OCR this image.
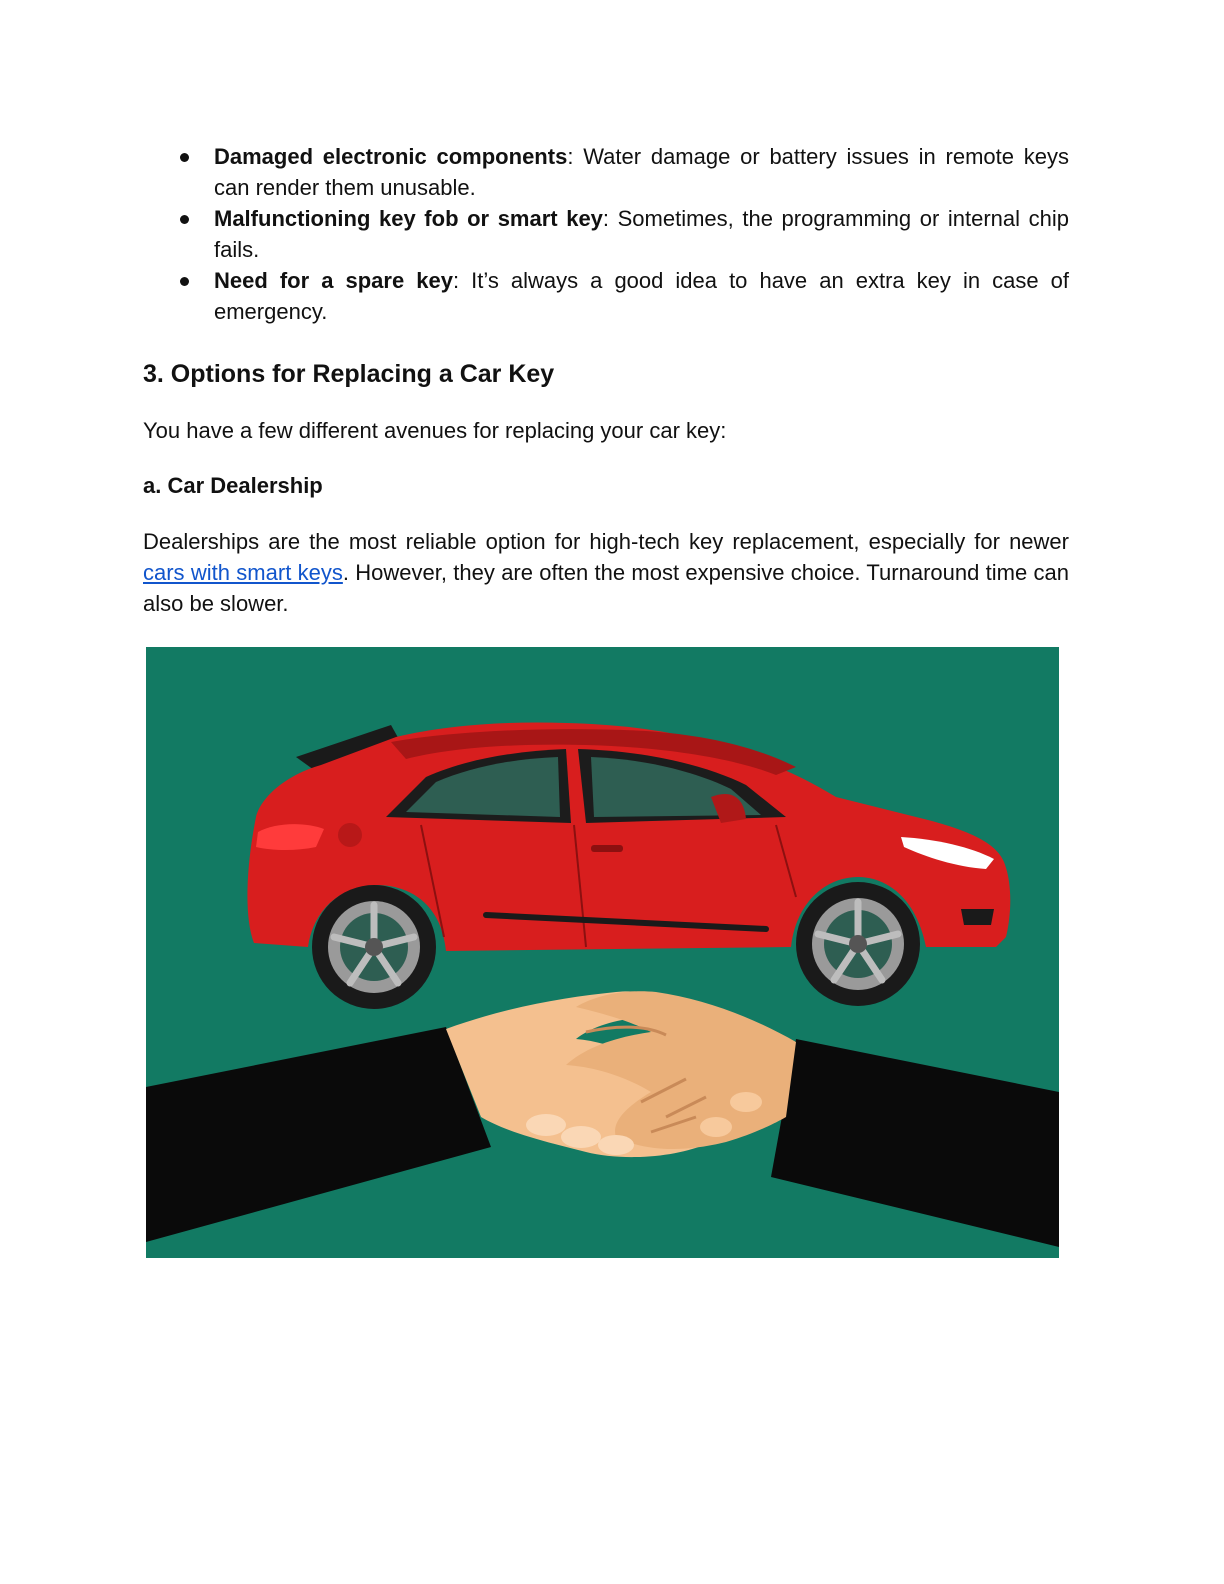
Damaged electronic components: Water damage or battery issues in remote keys can render them unusable.
Malfunctioning key fob or smart key: Sometimes, the programming or internal chip fails.
Need for a spare key: It’s always a good idea to have an extra key in case of emergency.
3. Options for Replacing a Car Key

You have a few different avenues for replacing your car key:

a. Car Dealership

Dealerships are the most reliable option for high-tech key replacement, especially for newer cars with smart keys. However, they are often the most expensive choice. Turnaround time can also be slower.
